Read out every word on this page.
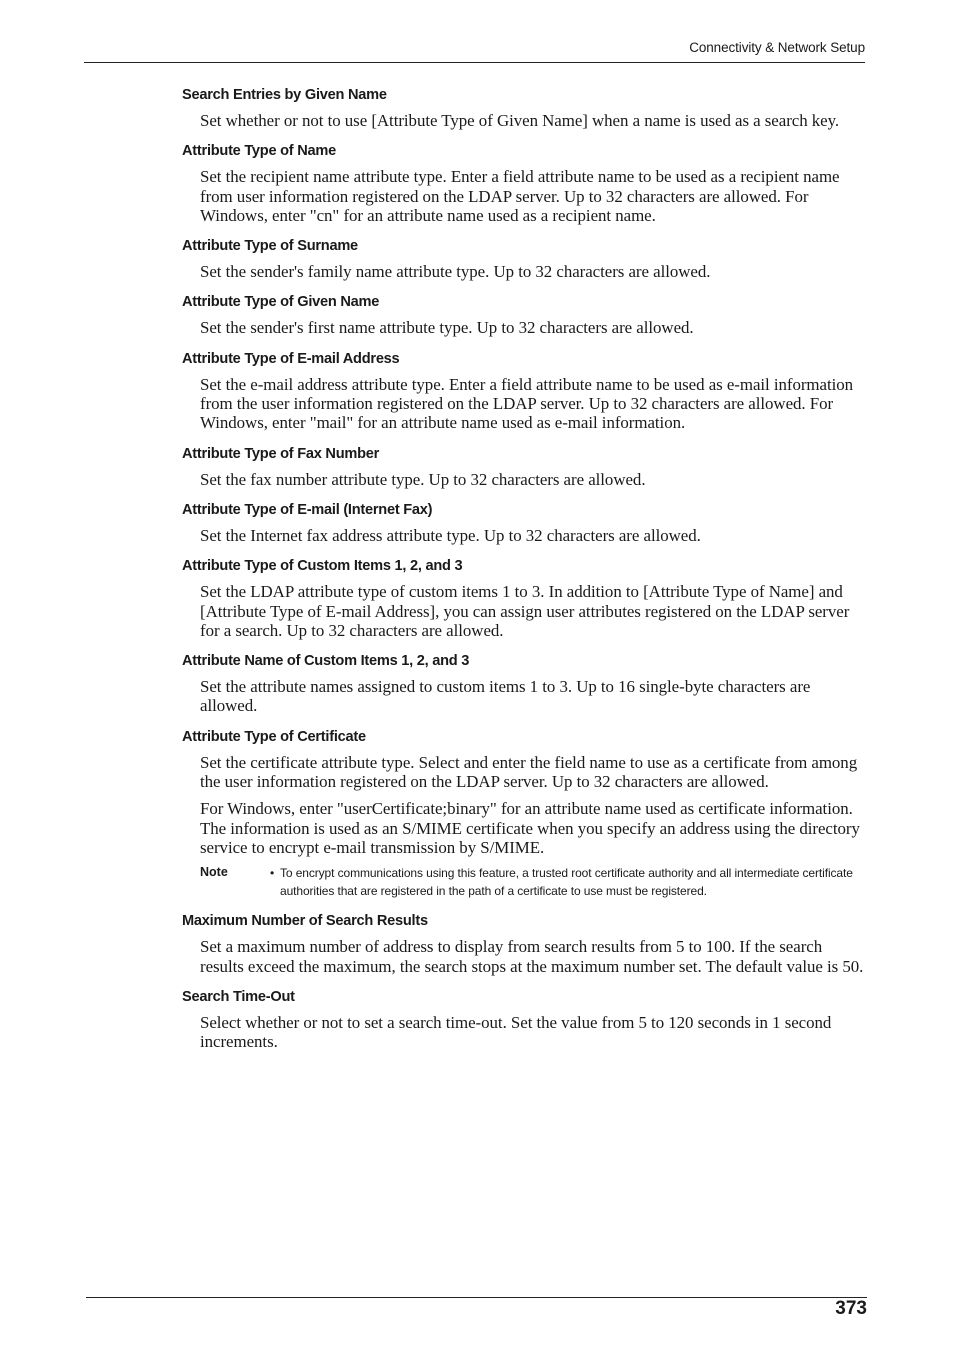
Connectivity & Network Setup
Search Entries by Given Name

Set whether or not to use [Attribute Type of Given Name] when a name is used as a search key.

Attribute Type of Name

Set the recipient name attribute type. Enter a field attribute name to be used as a recipient name from user information registered on the LDAP server. Up to 32 characters are allowed. For Windows, enter "cn" for an attribute name used as a recipient name.

Attribute Type of Surname

Set the sender's family name attribute type. Up to 32 characters are allowed.

Attribute Type of Given Name

Set the sender's first name attribute type. Up to 32 characters are allowed.

Attribute Type of E-mail Address

Set the e-mail address attribute type. Enter a field attribute name to be used as e-mail information from the user information registered on the LDAP server. Up to 32 characters are allowed. For Windows, enter "mail" for an attribute name used as e-mail information.

Attribute Type of Fax Number

Set the fax number attribute type. Up to 32 characters are allowed.

Attribute Type of E-mail (Internet Fax)

Set the Internet fax address attribute type. Up to 32 characters are allowed.

Attribute Type of Custom Items 1, 2, and 3

Set the LDAP attribute type of custom items 1 to 3. In addition to [Attribute Type of Name] and [Attribute Type of E-mail Address], you can assign user attributes registered on the LDAP server for a search. Up to 32 characters are allowed.

Attribute Name of Custom Items 1, 2, and 3

Set the attribute names assigned to custom items 1 to 3. Up to 16 single-byte characters are allowed.

Attribute Type of Certificate

Set the certificate attribute type. Select and enter the field name to use as a certificate from among the user information registered on the LDAP server. Up to 32 characters are allowed.

For Windows, enter "userCertificate;binary" for an attribute name used as certificate information. The information is used as an S/MIME certificate when you specify an address using the directory service to encrypt e-mail transmission by S/MIME.

Note	• To encrypt communications using this feature, a trusted root certificate authority and all intermediate certificate authorities that are registered in the path of a certificate to use must be registered.
Maximum Number of Search Results

Set a maximum number of address to display from search results from 5 to 100. If the search results exceed the maximum, the search stops at the maximum number set. The default value is 50.

Search Time-Out

Select whether or not to set a search time-out. Set the value from 5 to 120 seconds in 1 second increments.

373
